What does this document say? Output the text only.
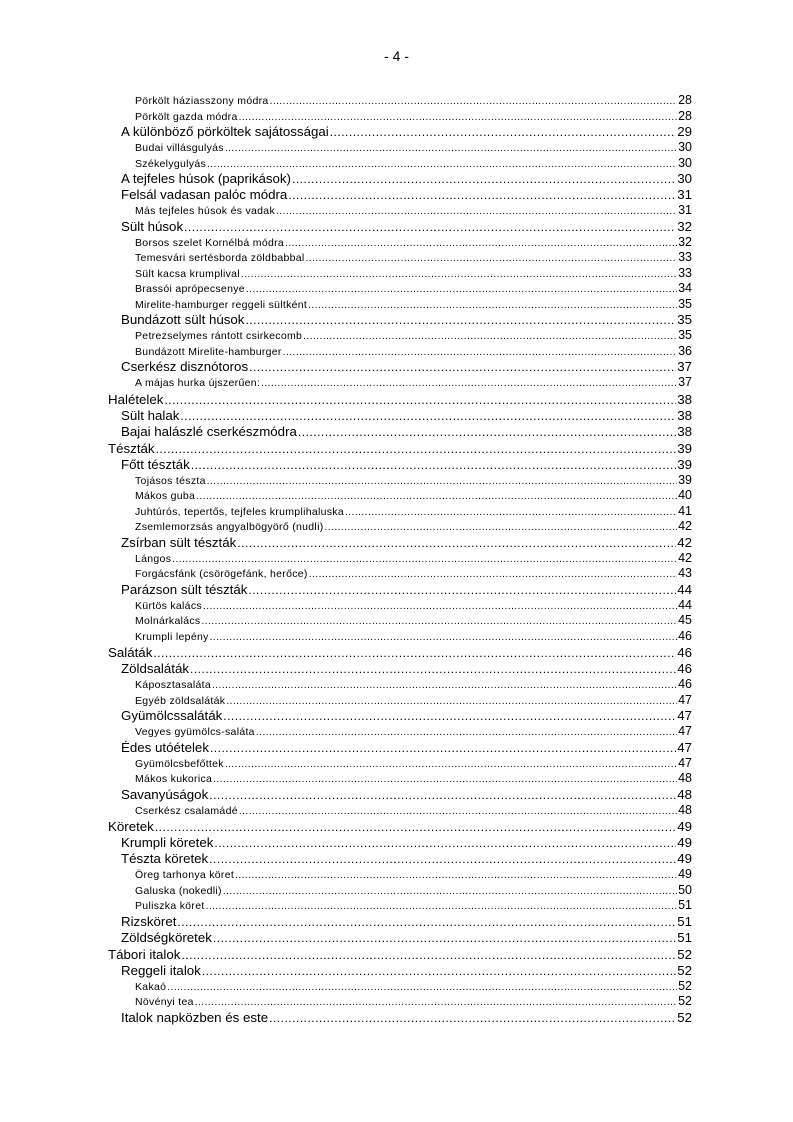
- 4 -
Pörkölt háziasszony módra .....	28
Pörkölt gazda módra .....	28
A különböző pörköltek sajátosságai .....	29
Budai villásgulyás .....	30
Székelygulyás .....	30
A tejfeles húsok (paprikások) .....	30
Felsál vadasan palóc módra .....	31
Más tejfeles húsok és vadak .....	31
Sült húsok .....	32
Borsos szelet Kornélbá módra .....	32
Temesvári sertésborda zöldbabbal .....	33
Sült kacsa krumplival .....	33
Brassói aprópecsenye .....	34
Mirelite-hamburger reggeli sültként .....	35
Bundázott sült húsok .....	35
Petrezselymes rántott csirkecomb .....	35
Bundázott Mirelite-hamburger .....	36
Cserkész disznótoros .....	37
A májas hurka újszerűen: .....	37
Halételek .....	38
Sült halak .....	38
Bajai halászlé cserkészmódra .....	38
Tészták .....	39
Főtt tészták .....	39
Tojásos tészta .....	39
Mákos guba .....	40
Juhtúrós, tepertős, tejfeles krumplihaluska .....	41
Zsemlemorzsás angyalbögyörő (nudli) .....	42
Zsírban sült tészták .....	42
Lángos .....	42
Forgácsfánk (csörögefánk, herőce) .....	43
Parázson sült tészták .....	44
Kürtös kalács .....	44
Molnárkalács .....	45
Krumpli lepény .....	46
Saláták .....	46
Zöldsaláták .....	46
Káposztasaláta .....	46
Egyéb zöldsaláták .....	47
Gyümölcssaláták .....	47
Vegyes gyümölcs-saláta .....	47
Édes utóételek .....	47
Gyümölcsbefőttek .....	47
Mákos kukorica .....	48
Savanyúságok .....	48
Cserkész csalamádé .....	48
Köretek .....	49
Krumpli köretek .....	49
Tészta köretek .....	49
Öreg tarhonya köret .....	49
Galuska (nokedli) .....	50
Puliszka köret .....	51
Rizsköret .....	51
Zöldségköretek .....	51
Tábori italok .....	52
Reggeli italok .....	52
Kakaó .....	52
Növényi tea .....	52
Italok napközben és este .....	52
